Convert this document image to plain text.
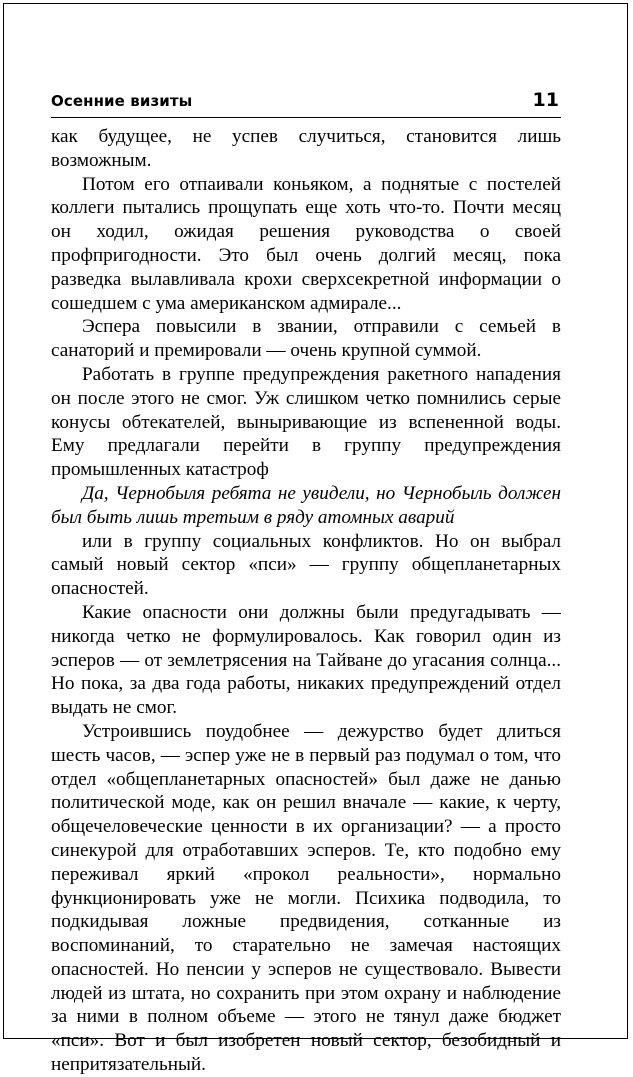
Осенние визиты	11

как будущее, не успев случиться, становится лишь возможным.

Потом его отпаивали коньяком, а поднятые с постелей коллеги пытались прощупать еще хоть что-то. Почти месяц он ходил, ожидая решения руководства о своей профпригодности. Это был очень долгий месяц, пока разведка вылавливала крохи сверхсекретной информации о сошедшем с ума американском адмирале...

Эспера повысили в звании, отправили с семьей в санаторий и премировали — очень крупной суммой.

Работать в группе предупреждения ракетного нападения он после этого не смог. Уж слишком четко помнились серые конусы обтекателей, выныривающие из вспененной воды. Ему предлагали перейти в группу предупреждения промышленных катастроф

Да, Чернобыля ребята не увидели, но Чернобыль должен был быть лишь третьим в ряду атомных аварий

или в группу социальных конфликтов. Но он выбрал самый новый сектор «пси» — группу общепланетарных опасностей.

Какие опасности они должны были предугадывать — никогда четко не формулировалось. Как говорил один из эсперов — от землетрясения на Тайване до угасания солнца... Но пока, за два года работы, никаких предупреждений отдел выдать не смог.

Устроившись поудобнее — дежурство будет длиться шесть часов, — эспер уже не в первый раз подумал о том, что отдел «общепланетарных опасностей» был даже не данью политической моде, как он решил вначале — какие, к черту, общечеловеческие ценности в их организации? — а просто синекурой для отработавших эсперов. Те, кто подобно ему переживал яркий «прокол реальности», нормально функционировать уже не могли. Психика подводила, то подкидывая ложные предвидения, сотканные из воспоминаний, то старательно не замечая настоящих опасностей. Но пенсии у эсперов не существовало. Вывести людей из штата, но сохранить при этом охрану и наблюдение за ними в полном объеме — этого не тянул даже бюджет «пси». Вот и был изобретен новый сектор, безобидный и непритязательный.
